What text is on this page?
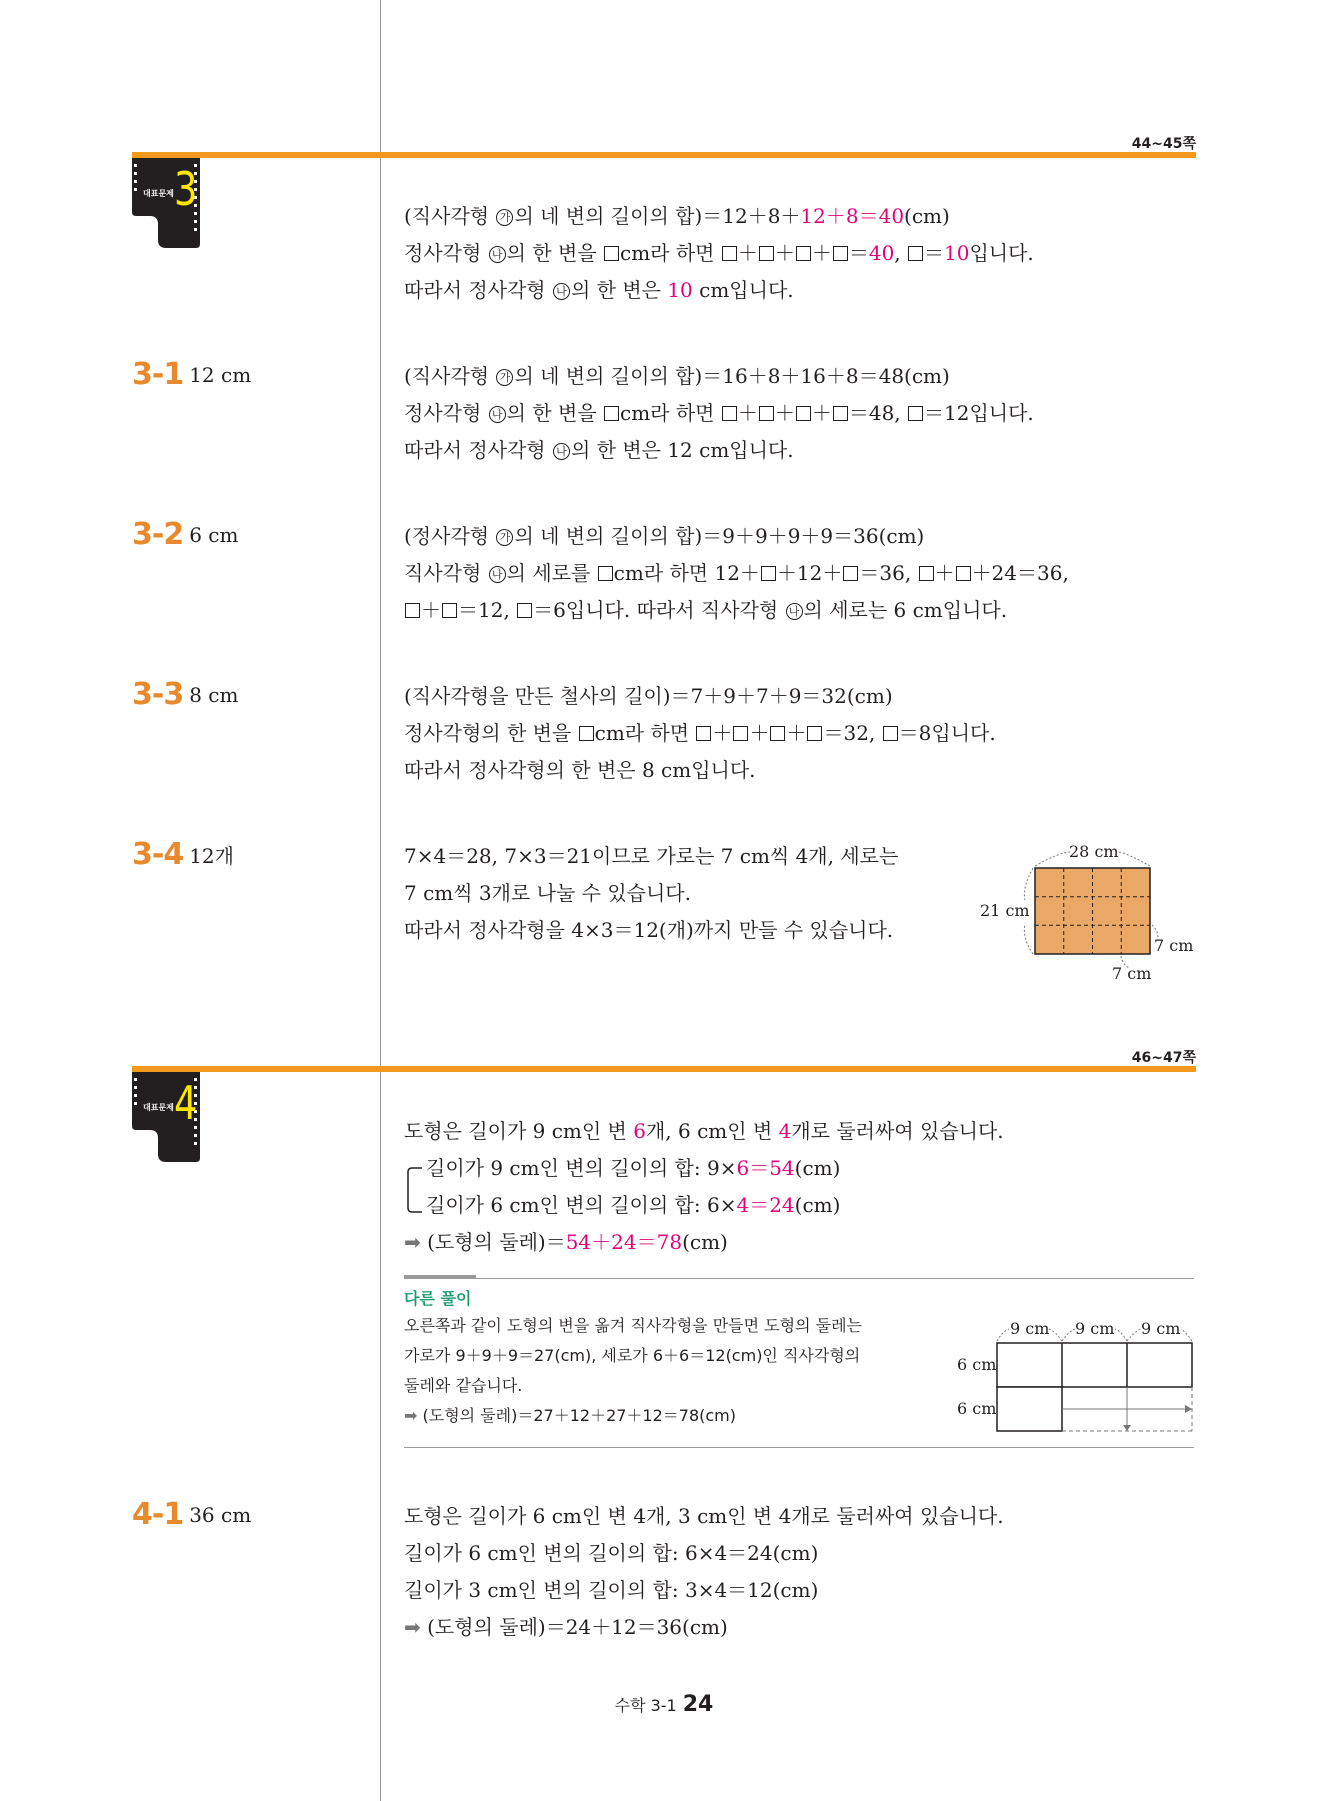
44~45쪽
대표문제 3	(직사각형 가 의 네 변의 길이의 합)＝12＋8＋12＋8＝40(cm)
정사각형 나 의 한 변을 cm라 하면 ＋ ＋ ＋ ＝40, ＝10입니다.
따라서 정사각형 나 의 한 변은 10 cm입니다.
3-1 12 cm	(직사각형 가 의 네 변의 길이의 합)＝16＋8＋16＋8＝48(cm)
정사각형 나 의 한 변을 cm라 하면 ＋ ＋ ＋ ＝48, ＝12입니다.
따라서 정사각형 나 의 한 변은 12 cm입니다.
3-2 6 cm	(정사각형 가 의 네 변의 길이의 합)＝9＋9＋9＋9＝36(cm)
직사각형 나 의 세로를 cm라 하면 12＋ ＋12＋ ＝36, ＋ ＋24＝36,
＋ ＝12, ＝6입니다. 따라서 직사각형 나 의 세로는 6 cm입니다.
3-3 8 cm	(직사각형을 만든 철사의 길이)＝7＋9＋7＋9＝32(cm)
정사각형의 한 변을 cm라 하면 ＋ ＋ ＋ ＝32, ＝8입니다.
따라서 정사각형의 한 변은 8 cm입니다.
3-4 12개	7×4＝28, 7×3＝21이므로 가로는 7 cm씩 4개, 세로는
7 cm씩 3개로 나눌 수 있습니다.
따라서 정사각형을 4×3＝12(개)까지 만들 수 있습니다.
28 cm
21 cm
7 cm
7 cm
46~47쪽
대표문제 4
도형은 길이가 9 cm인 변 6개, 6 cm인 변 4개로 둘러싸여 있습니다.
길이가 9 cm인 변의 길이의 합: 9×6＝54(cm)
길이가 6 cm인 변의 길이의 합: 6×4＝24(cm)
➡ (도형의 둘레)＝54＋24＝78(cm)
다른 풀이
오른쪽과 같이 도형의 변을 옮겨 직사각형을 만들면 도형의 둘레는
가로가 9＋9＋9＝27(cm), 세로가 6＋6＝12(cm)인 직사각형의
둘레와 같습니다.
➡ (도형의 둘레)＝27＋12＋27＋12＝78(cm)
9 cm 9 cm 9 cm
6 cm
6 cm
4-1 36 cm	도형은 길이가 6 cm인 변 4개, 3 cm인 변 4개로 둘러싸여 있습니다.
길이가 6 cm인 변의 길이의 합: 6×4＝24(cm)
길이가 3 cm인 변의 길이의 합: 3×4＝12(cm)
➡ (도형의 둘레)＝24＋12＝36(cm)
수학 3-1 24
